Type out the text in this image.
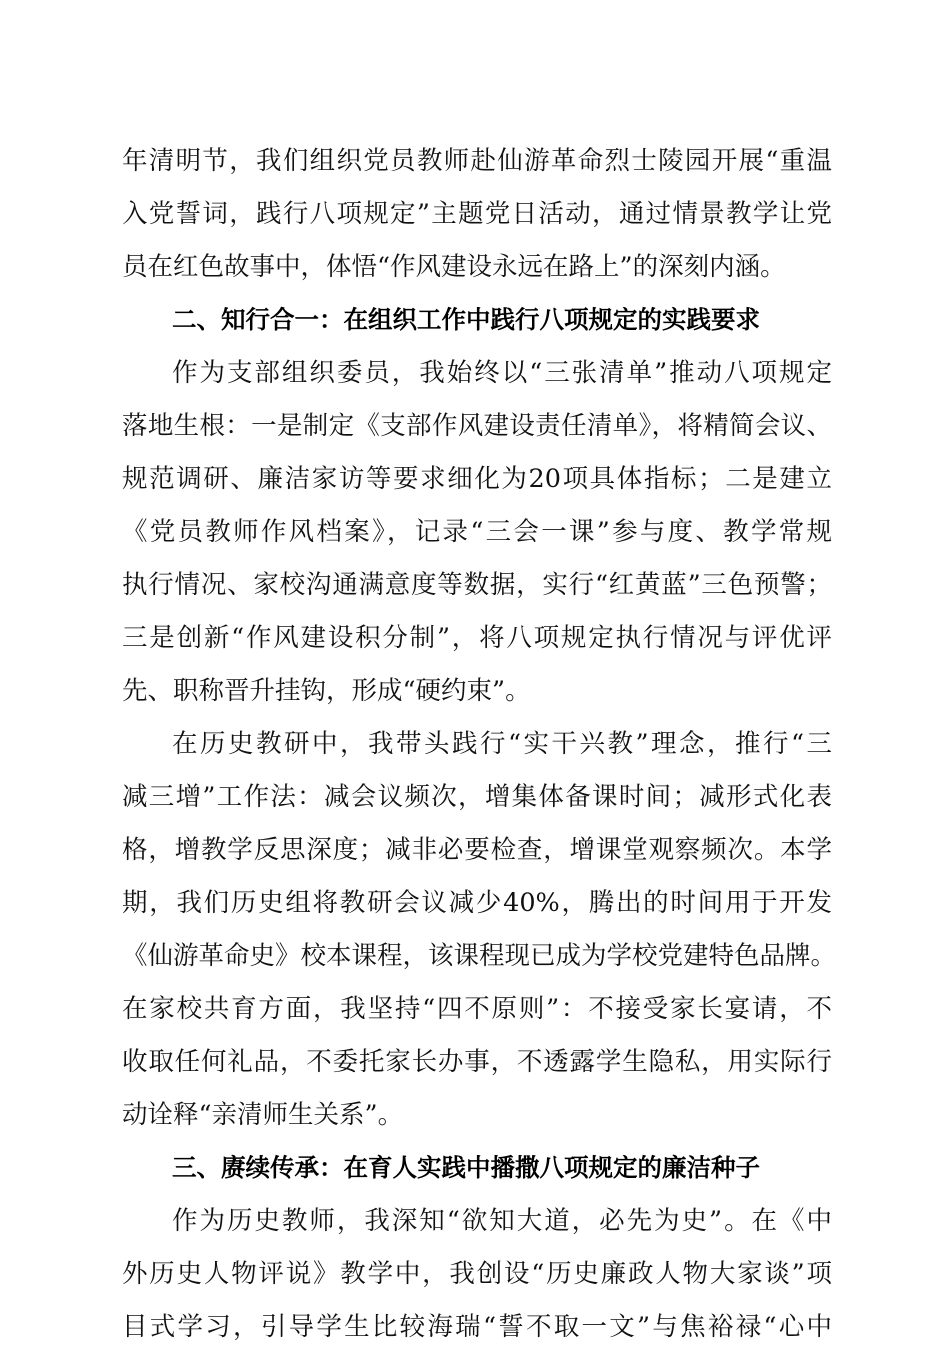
年清明节，我们组织党员教师赴仙游革命烈士陵园开展“重温
入党誓词，践行八项规定”主题党日活动，通过情景教学让党
员在红色故事中，体悟“作风建设永远在路上”的深刻内涵。
二、知行合一：在组织工作中践行八项规定的实践要求
作为支部组织委员，我始终以“三张清单”推动八项规定
落地生根：一是制定《支部作风建设责任清单》，将精简会议、
规范调研、廉洁家访等要求细化为20项具体指标；二是建立
《党员教师作风档案》，记录“三会一课”参与度、教学常规
执行情况、家校沟通满意度等数据，实行“红黄蓝”三色预警；
三是创新“作风建设积分制”，将八项规定执行情况与评优评
先、职称晋升挂钩，形成“硬约束”。
在历史教研中，我带头践行“实干兴教”理念，推行“三
减三增”工作法：减会议频次，增集体备课时间；减形式化表
格，增教学反思深度；减非必要检查，增课堂观察频次。本学
期，我们历史组将教研会议减少40%，腾出的时间用于开发
《仙游革命史》校本课程，该课程现已成为学校党建特色品牌。
在家校共育方面，我坚持“四不原则”：不接受家长宴请，不
收取任何礼品，不委托家长办事，不透露学生隐私，用实际行
动诠释“亲清师生关系”。
三、赓续传承：在育人实践中播撒八项规定的廉洁种子
作为历史教师，我深知“欲知大道，必先为史”。在《中
外历史人物评说》教学中，我创设“历史廉政人物大家谈”项
目式学习，引导学生比较海瑞“誓不取一文”与焦裕禄“心中
